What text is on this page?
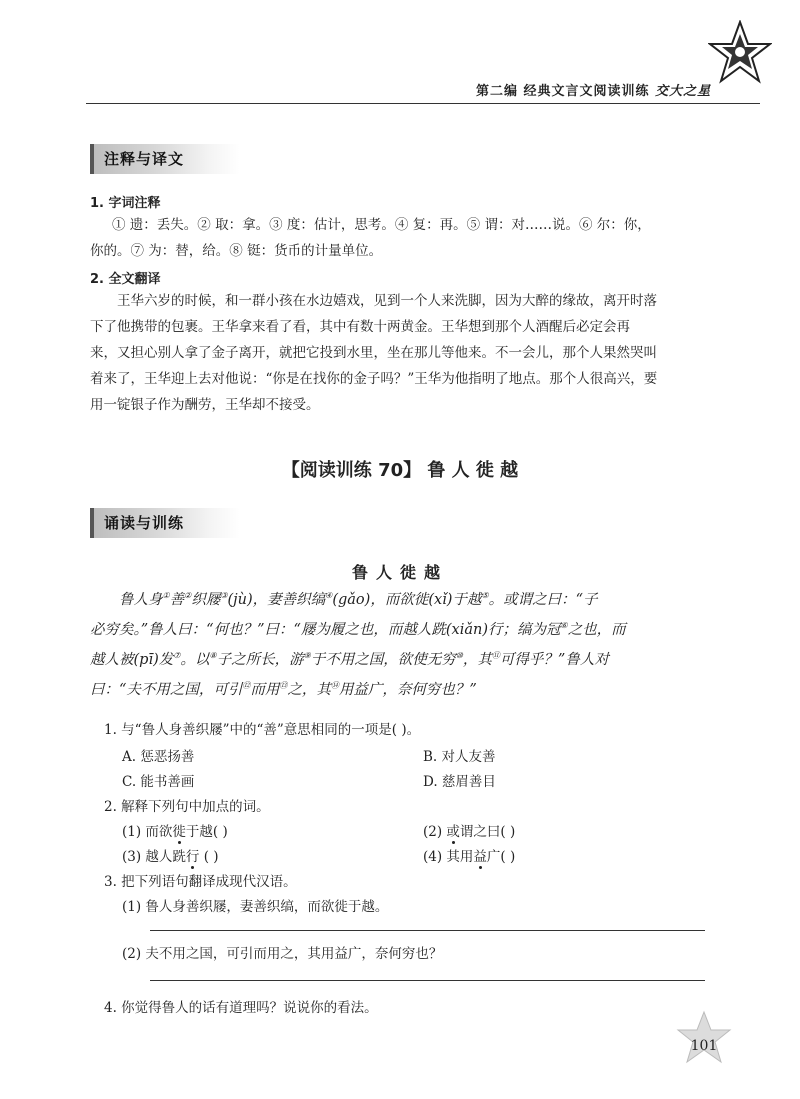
第二编 经典文言文阅读训练 交大之星
注释与译文
1. 字词注释
① 遗：丢失。② 取：拿。③ 度：估计，思考。④ 复：再。⑤ 谓：对……说。⑥ 尔：你，
你的。⑦ 为：替，给。⑧ 铤：货币的计量单位。
2. 全文翻译
王华六岁的时候，和一群小孩在水边嬉戏，见到一个人来洗脚，因为大醉的缘故，离开时落
下了他携带的包裹。王华拿来看了看，其中有数十两黄金。王华想到那个人酒醒后必定会再
来，又担心别人拿了金子离开，就把它投到水里，坐在那儿等他来。不一会儿，那个人果然哭叫
着来了，王华迎上去对他说：“你是在找你的金子吗？”王华为他指明了地点。那个人很高兴，要
用一锭银子作为酬劳，王华却不接受。
【阅读训练 70】 鲁 人 徙 越
诵读与训练
鲁人徙越
鲁人身①善②织屦③(jù)，妻善织缟④(gǎo)，而欲徙(xǐ)于越⑤。或谓之曰：“子
必穷矣。”鲁人曰：“何也？”曰：“屦为履之也，而越人跣(xiǎn)行；缟为冠⑥之也，而
越人被(pī)发⑦。以⑧子之所长，游⑨于不用之国，欲使无穷⑩，其⑪可得乎？”鲁人对
曰：“夫不用之国，可引⑫而用⑬之，其⑭用益广，奈何穷也？”
1. 与“鲁人身善织屦”中的“善”意思相同的一项是( )。
A. 惩恶扬善	B. 对人友善
C. 能书善画	D. 慈眉善目
2. 解释下列句中加点的词。
(1) 而欲徙于越( )	(2) 或谓之曰( )
(3) 越人跣行 ( )	(4) 其用益广( )
3. 把下列语句翻译成现代汉语。
(1) 鲁人身善织屦，妻善织缟，而欲徙于越。
(2) 夫不用之国，可引而用之，其用益广，奈何穷也？
4. 你觉得鲁人的话有道理吗？说说你的看法。
101
